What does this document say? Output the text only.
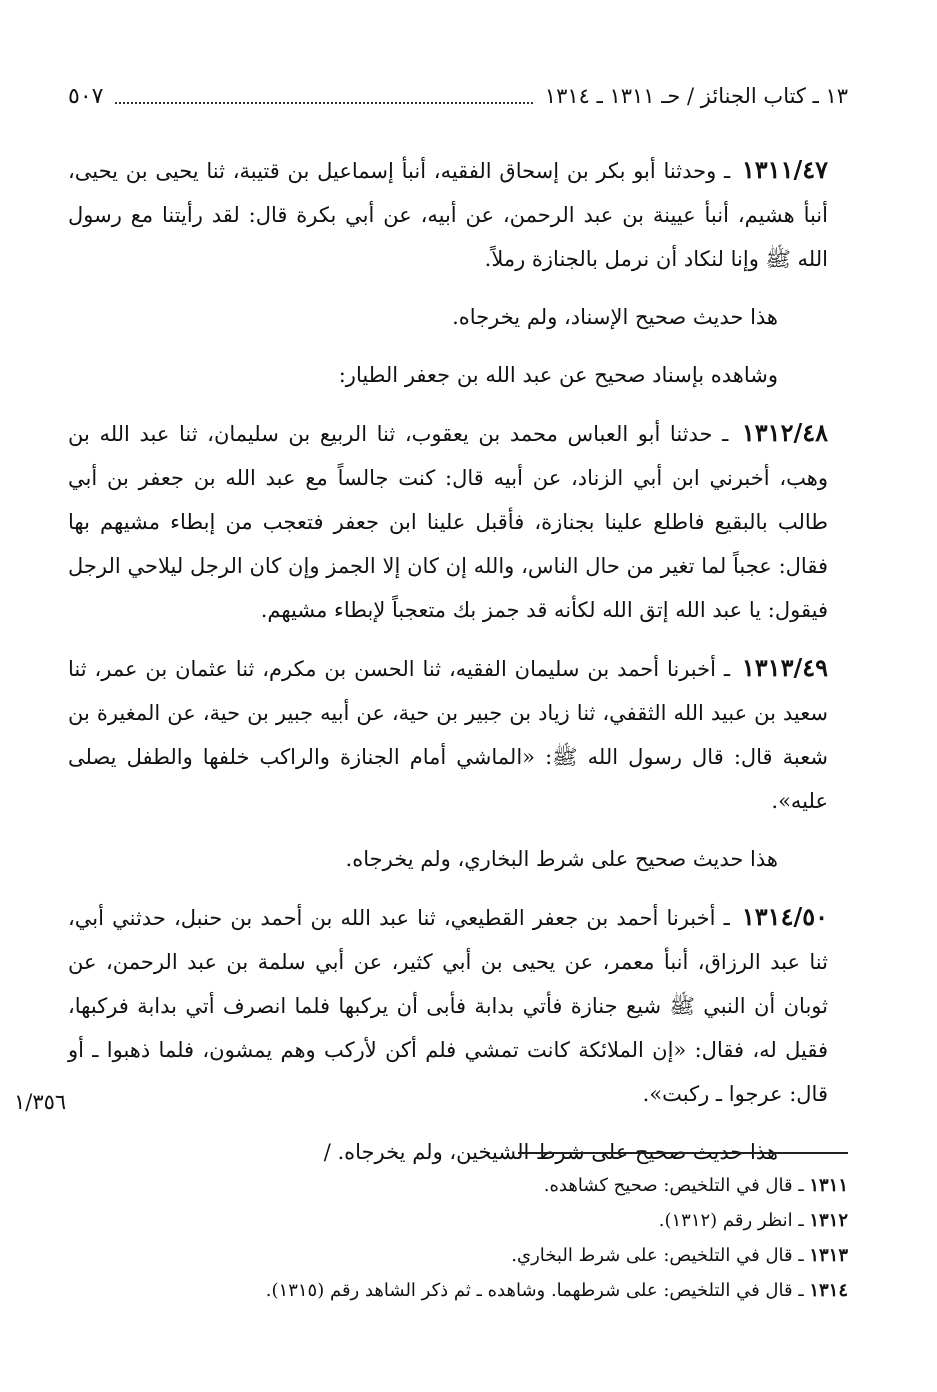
١٣ ـ كتاب الجنائز / حـ ١٣١١ ـ ١٣١٤
٥٠٧

١٣١١/٤٧ ـ وحدثنا أبو بكر بن إسحاق الفقيه، أنبأ إسماعيل بن قتيبة، ثنا يحيى بن يحيى، أنبأ هشيم، أنبأ عيينة بن عبد الرحمن، عن أبيه، عن أبي بكرة قال: لقد رأيتنا مع رسول الله ﷺ وإنا لنكاد أن نرمل بالجنازة رملاً.

هذا حديث صحيح الإسناد، ولم يخرجاه.

وشاهده بإسناد صحيح عن عبد الله بن جعفر الطيار:

١٣١٢/٤٨ ـ حدثنا أبو العباس محمد بن يعقوب، ثنا الربيع بن سليمان، ثنا عبد الله بن وهب، أخبرني ابن أبي الزناد، عن أبيه قال: كنت جالساً مع عبد الله بن جعفر بن أبي طالب بالبقيع فاطلع علينا بجنازة، فأقبل علينا ابن جعفر فتعجب من إبطاء مشيهم بها فقال: عجباً لما تغير من حال الناس، والله إن كان إلا الجمز وإن كان الرجل ليلاحي الرجل فيقول: يا عبد الله إتق الله لكأنه قد جمز بك متعجباً لإبطاء مشيهم.

١٣١٣/٤٩ ـ أخبرنا أحمد بن سليمان الفقيه، ثنا الحسن بن مكرم، ثنا عثمان بن عمر، ثنا سعيد بن عبيد الله الثقفي، ثنا زياد بن جبير بن حية، عن أبيه جبير بن حية، عن المغيرة بن شعبة قال: قال رسول الله ﷺ: «الماشي أمام الجنازة والراكب خلفها والطفل يصلى عليه».

هذا حديث صحيح على شرط البخاري، ولم يخرجاه.

١٣١٤/٥٠ ـ أخبرنا أحمد بن جعفر القطيعي، ثنا عبد الله بن أحمد بن حنبل، حدثني أبي، ثنا عبد الرزاق، أنبأ معمر، عن يحيى بن أبي كثير، عن أبي سلمة بن عبد الرحمن، عن ثوبان أن النبي ﷺ شيع جنازة فأتي بدابة فأبى أن يركبها فلما انصرف أتي بدابة فركبها، فقيل له، فقال: «إن الملائكة كانت تمشي فلم أكن لأركب وهم يمشون، فلما ذهبوا ـ أو قال: عرجوا ـ ركبت».

هذا حديث صحيح على شرط الشيخين، ولم يخرجاه. /

١/٣٥٦
١٣١١ ـ قال في التلخيص: صحيح كشاهده.
١٣١٢ ـ انظر رقم (١٣١٢).
١٣١٣ ـ قال في التلخيص: على شرط البخاري.
١٣١٤ ـ قال في التلخيص: على شرطهما. وشاهده ـ ثم ذكر الشاهد رقم (١٣١٥).
